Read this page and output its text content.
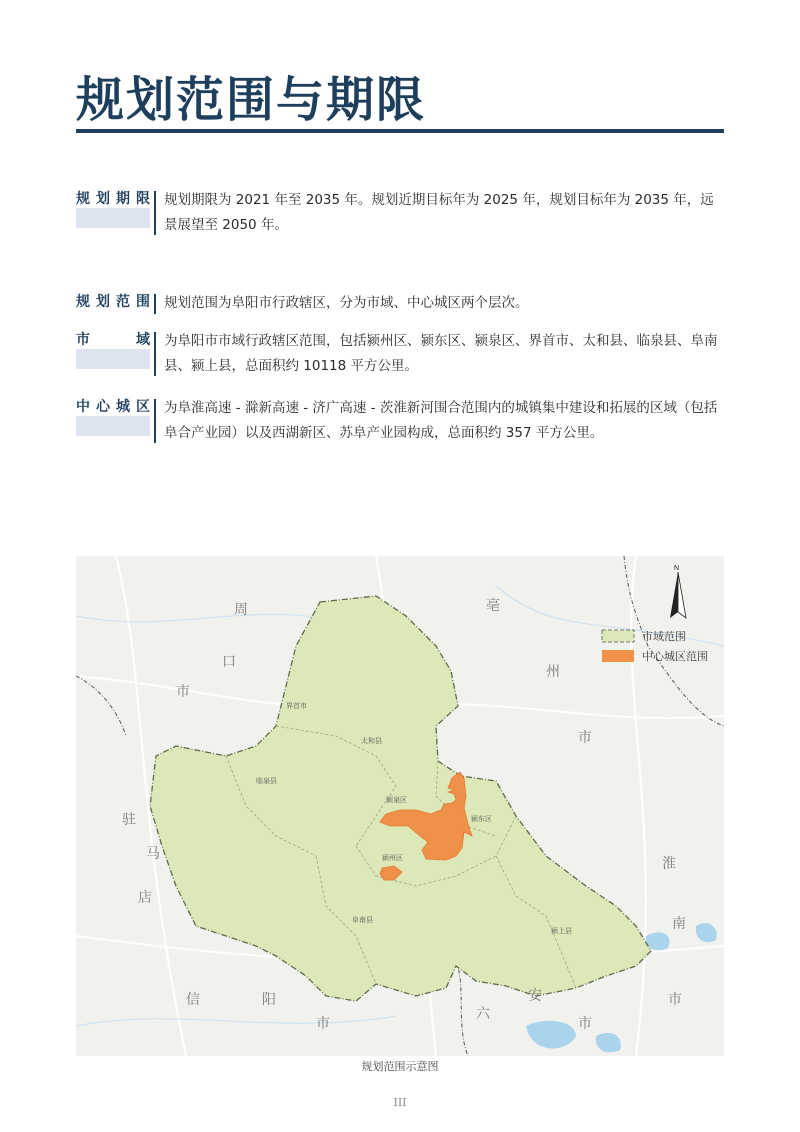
规划范围与期限
规 划 期 限 规划期限为 2021 年至 2035 年。规划近期目标年为 2025 年，规划目标年为 2035 年，远景展望至 2050 年。
规 划 范 围 规划范围为阜阳市行政辖区，分为市域、中心城区两个层次。
市	域 为阜阳市市域行政辖区范围，包括颍州区、颍东区、颍泉区、界首市、太和县、临泉县、阜南县、颍上县，总面积约 10118 平方公里。
中 心 城 区 为阜淮高速 - 滁新高速 - 济广高速 - 茨淮新河围合范围内的城镇集中建设和拓展的区域（包括阜合产业园）以及西湖新区、苏阜产业园构成，总面积约 357 平方公里。
界首市
太和县
临泉县
颍泉区
颍东区
颍州区
阜南县
颍上县
周
口
市
亳
州
市
驻
马
店
淮
南
信	阳
市
六
安
市
市
N
市域范围
中心城区范围
规划范围示意图
III
